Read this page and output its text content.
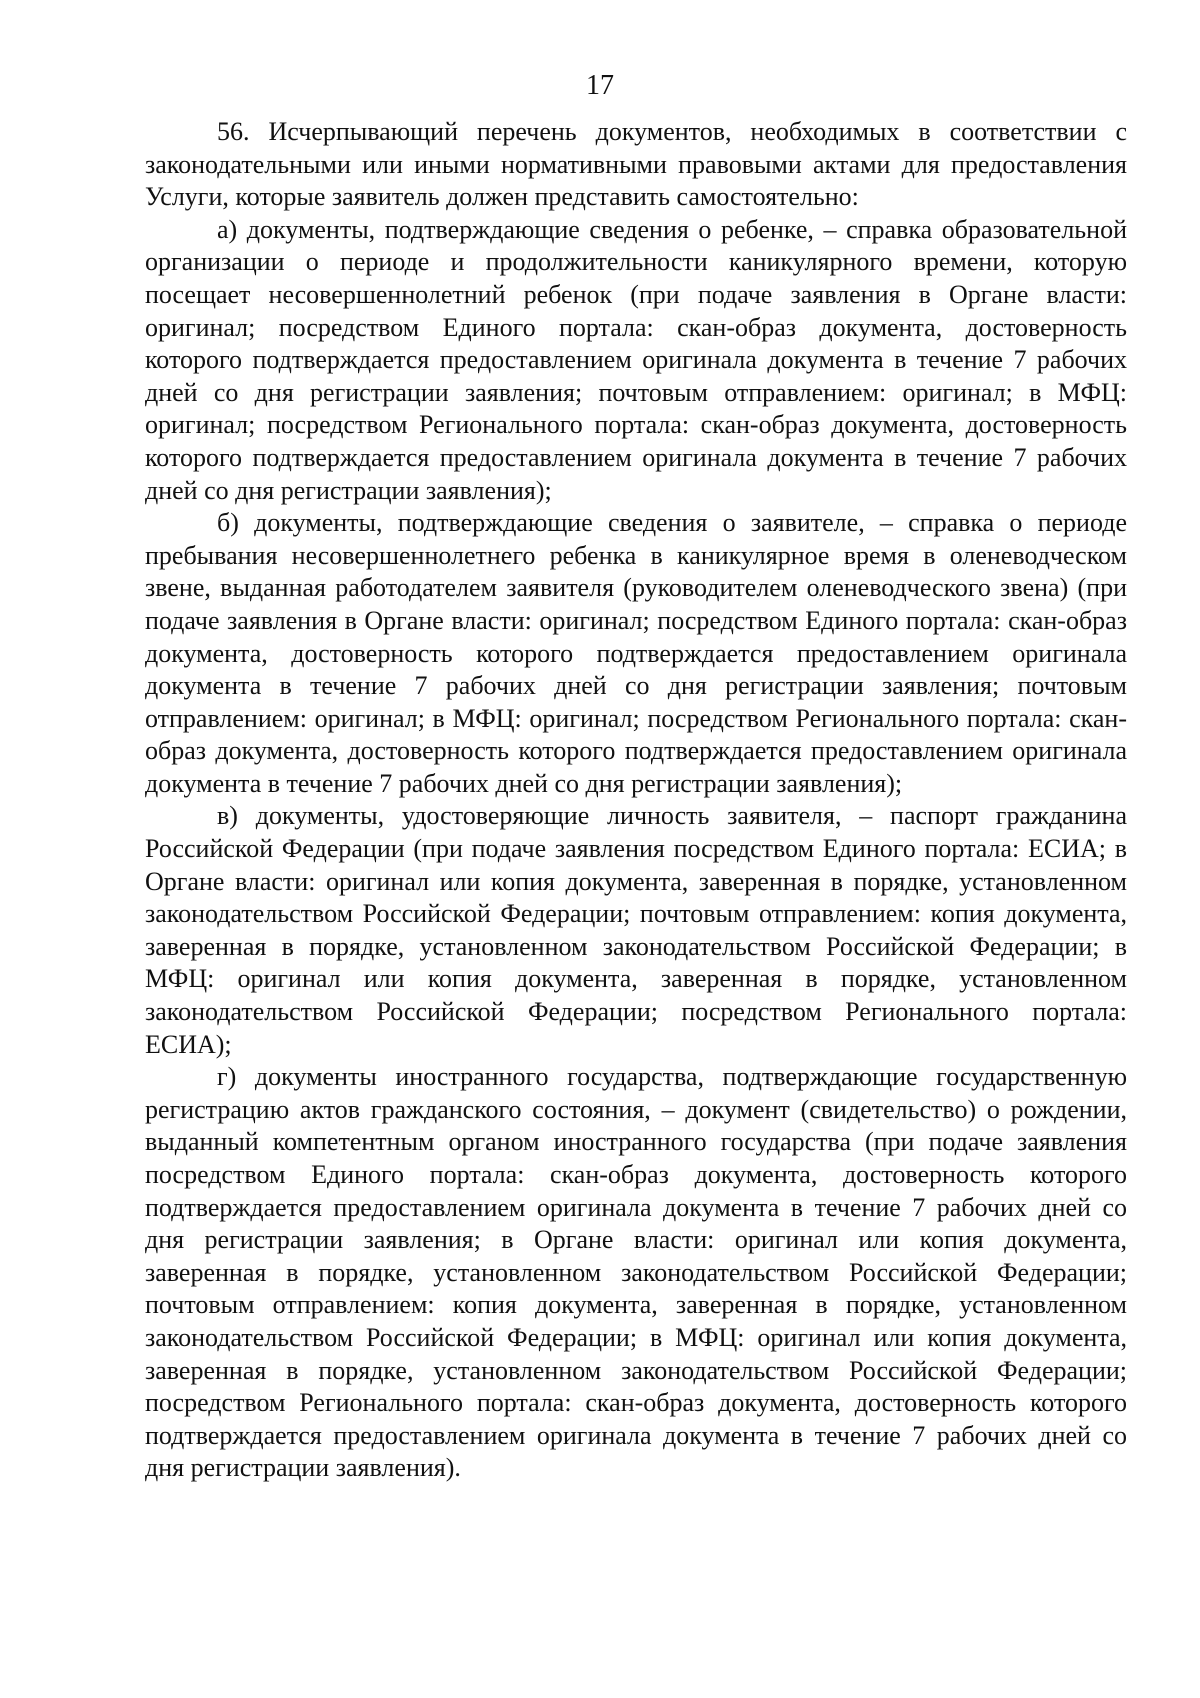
17

56. Исчерпывающий перечень документов, необходимых в соответствии с законодательными или иными нормативными правовыми актами для предоставления Услуги, которые заявитель должен представить самостоятельно:

а) документы, подтверждающие сведения о ребенке, – справка образовательной организации о периоде и продолжительности каникулярного времени, которую посещает несовершеннолетний ребенок (при подаче заявления в Органе власти: оригинал; посредством Единого портала: скан-образ документа, достоверность которого подтверждается предоставлением оригинала документа в течение 7 рабочих дней со дня регистрации заявления; почтовым отправлением: оригинал; в МФЦ: оригинал; посредством Регионального портала: скан-образ документа, достоверность которого подтверждается предоставлением оригинала документа в течение 7 рабочих дней со дня регистрации заявления);

б) документы, подтверждающие сведения о заявителе, – справка о периоде пребывания несовершеннолетнего ребенка в каникулярное время в оленеводческом звене, выданная работодателем заявителя (руководителем оленеводческого звена) (при подаче заявления в Органе власти: оригинал; посредством Единого портала: скан-образ документа, достоверность которого подтверждается предоставлением оригинала документа в течение 7 рабочих дней со дня регистрации заявления; почтовым отправлением: оригинал; в МФЦ: оригинал; посредством Регионального портала: скан-образ документа, достоверность которого подтверждается предоставлением оригинала документа в течение 7 рабочих дней со дня регистрации заявления);

в) документы, удостоверяющие личность заявителя, – паспорт гражданина Российской Федерации (при подаче заявления посредством Единого портала: ЕСИА; в Органе власти: оригинал или копия документа, заверенная в порядке, установленном законодательством Российской Федерации; почтовым отправлением: копия документа, заверенная в порядке, установленном законодательством Российской Федерации; в МФЦ: оригинал или копия документа, заверенная в порядке, установленном законодательством Российской Федерации; посредством Регионального портала: ЕСИА);

г) документы иностранного государства, подтверждающие государственную регистрацию актов гражданского состояния, – документ (свидетельство) о рождении, выданный компетентным органом иностранного государства (при подаче заявления посредством Единого портала: скан-образ документа, достоверность которого подтверждается предоставлением оригинала документа в течение 7 рабочих дней со дня регистрации заявления; в Органе власти: оригинал или копия документа, заверенная в порядке, установленном законодательством Российской Федерации; почтовым отправлением: копия документа, заверенная в порядке, установленном законодательством Российской Федерации; в МФЦ: оригинал или копия документа, заверенная в порядке, установленном законодательством Российской Федерации; посредством Регионального портала: скан-образ документа, достоверность которого подтверждается предоставлением оригинала документа в течение 7 рабочих дней со дня регистрации заявления).
